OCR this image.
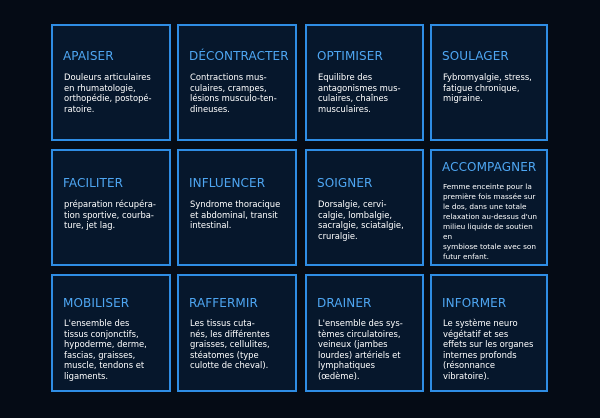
APAISER
Douleurs articulaires
en rhumatologie,
orthopédie, postopé-
ratoire.
DÉCONTRACTER
Contractions mus-
culaires, crampes,
lésions musculo-ten-
dineuses.
OPTIMISER
Equilibre des
antagonismes mus-
culaires, chaînes
musculaires.
SOULAGER
Fybromyalgie, stress,
fatigue chronique,
migraine.
FACILITER
préparation récupéra-
tion sportive, courba-
ture, jet lag.
INFLUENCER
Syndrome thoracique
et abdominal, transit
intestinal.
SOIGNER
Dorsalgie, cervi-
calgie, lombalgie,
sacralgie, sciatalgie,
cruralgie.
ACCOMPAGNER
Femme enceinte pour la
première fois massée sur
le dos, dans une totale
relaxation au-dessus d'un
milieu liquide de soutien en
symbiose totale avec son
futur enfant.
MOBILISER
L'ensemble des
tissus conjonctifs,
hypoderme, derme,
fascias, graisses,
muscle, tendons et
ligaments.
RAFFERMIR
Les tissus cuta-
nés, les différentes
graisses, cellulites,
stéatomes (type
culotte de cheval).
DRAINER
L'ensemble des sys-
tèmes circulatoires,
veineux (jambes
lourdes) artériels et
lymphatiques (œdème).
INFORMER
Le système neuro
végétatif et ses
effets sur les organes
internes profonds
(résonnance
vibratoire).
